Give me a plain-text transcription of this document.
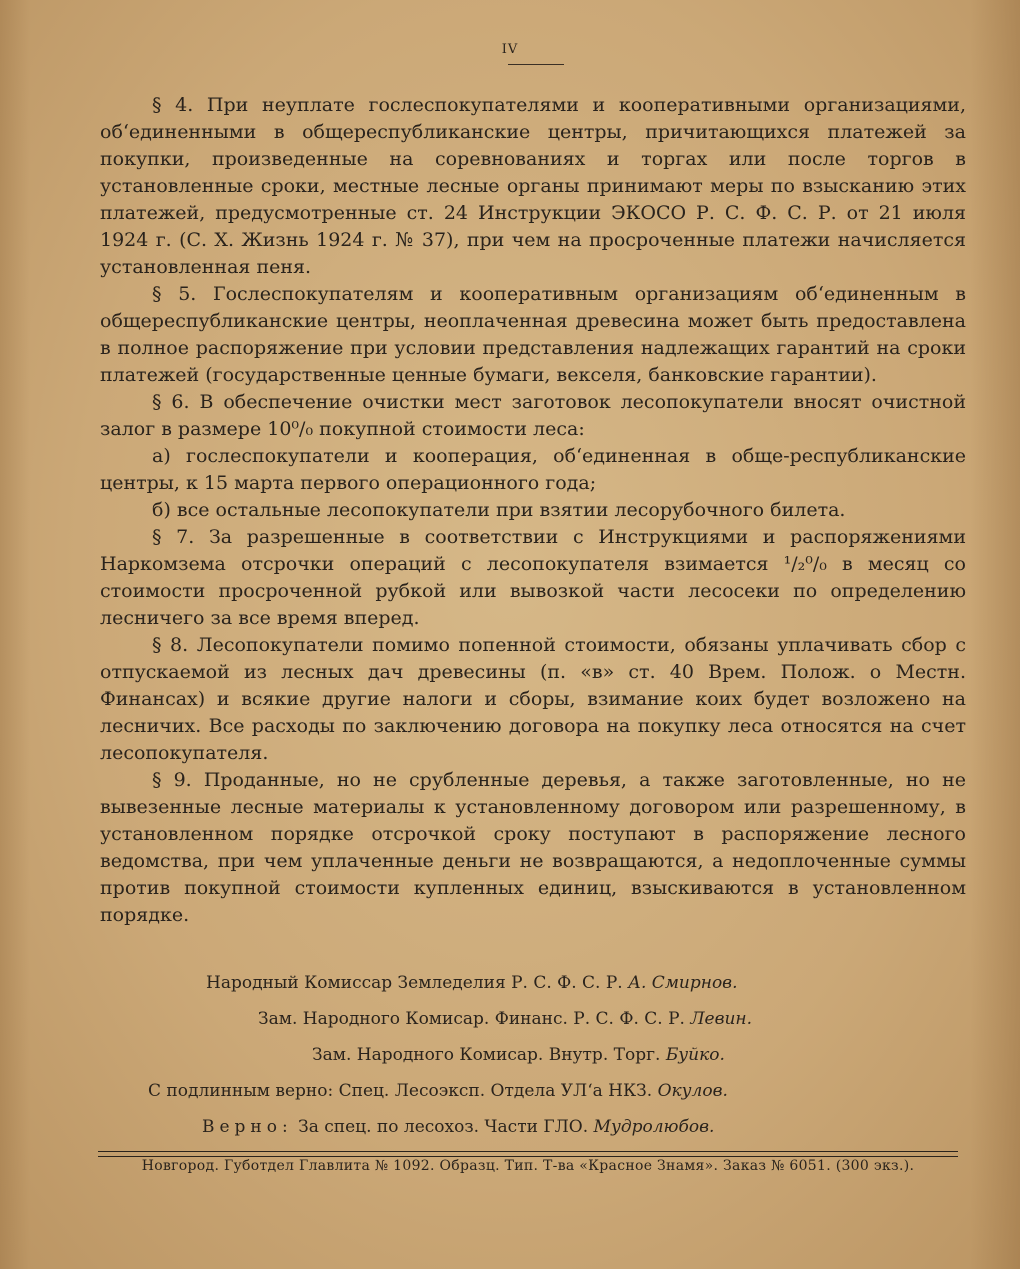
IV

§ 4. При неуплате гослеспокупателями и кооперативными организациями, об‘единенными в общереспубликанские центры, причитающихся платежей за покупки, произведенные на соревнованиях и торгах или после торгов в установленные сроки, местные лесные органы принимают меры по взысканию этих платежей, предусмотренные ст. 24 Инструкции ЭКОСО Р. С. Ф. С. Р. от 21 июля 1924 г. (С. Х. Жизнь 1924 г. № 37), при чем на просроченные платежи начисляется установленная пеня.

§ 5. Гослеспокупателям и кооперативным организациям об‘единенным в общереспубликанские центры, неоплаченная древесина может быть предоставлена в полное распоряжение при условии представления надлежащих гарантий на сроки платежей (государственные ценные бумаги, векселя, банковские гарантии).

§ 6. В обеспечение очистки мест заготовок лесопокупатели вносят очистной залог в размере 10⁰/₀ покупной стоимости леса:

а) гослеспокупатели и кооперация, об‘единенная в обще-республиканские центры, к 15 марта первого операционного года;

б) все остальные лесопокупатели при взятии лесорубочного билета.

§ 7. За разрешенные в соответствии с Инструкциями и распоряжениями Наркомзема отсрочки операций с лесопокупателя взимается ¹/₂⁰/₀ в месяц со стоимости просроченной рубкой или вывозкой части лесосеки по определению лесничего за все время вперед.

§ 8. Лесопокупатели помимо попенной стоимости, обязаны уплачивать сбор с отпускаемой из лесных дач древесины (п. «в» ст. 40 Врем. Полож. о Местн. Финансах) и всякие другие налоги и сборы, взимание коих будет возложено на лесничих. Все расходы по заключению договора на покупку леса относятся на счет лесопокупателя.

§ 9. Проданные, но не срубленные деревья, а также заготовленные, но не вывезенные лесные материалы к установленному договором или разрешенному, в установленном порядке отсрочкой сроку поступают в распоряжение лесного ведомства, при чем уплаченные деньги не возвращаются, а недоплоченные суммы против покупной стоимости купленных единиц, взыскиваются в установленном порядке.

Народный Комиссар Земледелия Р. С. Ф. С. Р. А. Смирнов.
Зам. Народного Комисар. Финанс. Р. С. Ф. С. Р. Левин.
Зам. Народного Комисар. Внутр. Торг. Буйко.
С подлинным верно: Спец. Лесоэксп. Отдела УЛ‘а НКЗ. Окулов.
Верно: За спец. по лесохоз. Части ГЛО. Мудролюбов.
Новгород. Губотдел Главлита № 1092. Образц. Тип. Т-ва «Красное Знамя». Заказ № 6051. (300 экз.).
